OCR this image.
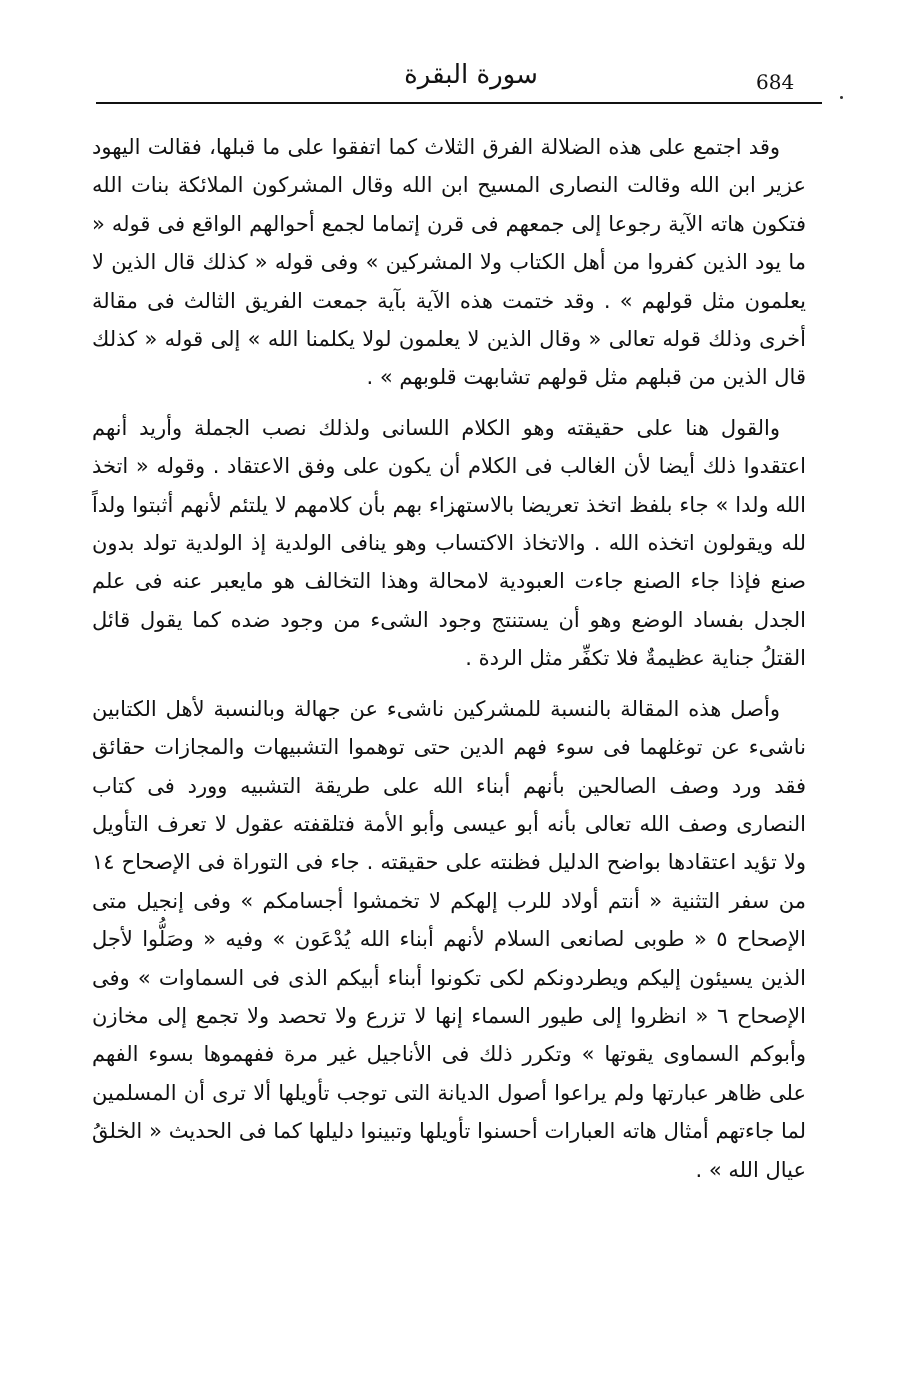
684
سورة البقرة

وقد اجتمع على هذه الضلالة الفرق الثلاث كما اتفقوا على ما قبلها، فقالت اليهود عزير ابن الله وقالت النصارى المسيح ابن الله وقال المشركون الملائكة بنات الله فتكون هاته الآية رجوعا إلى جمعهم فى قرن إتماما لجمع أحوالهم الواقع فى قوله « ما يود الذين كفروا من أهل الكتاب ولا المشركين » وفى قوله « كذلك قال الذين لا يعلمون مثل قولهم » . وقد ختمت هذه الآية بآية جمعت الفريق الثالث فى مقالة أخرى وذلك قوله تعالى « وقال الذين لا يعلمون لولا يكلمنا الله » إلى قوله « كذلك قال الذين من قبلهم مثل قولهم تشابهت قلوبهم » .

والقول هنا على حقيقته وهو الكلام اللسانى ولذلك نصب الجملة وأريد أنهم اعتقدوا ذلك أيضا لأن الغالب فى الكلام أن يكون على وفق الاعتقاد . وقوله « اتخذ الله ولدا » جاء بلفظ اتخذ تعريضا بالاستهزاء بهم بأن كلامهم لا يلتئم لأنهم أثبتوا ولداً لله ويقولون اتخذه الله . والاتخاذ الاكتساب وهو ينافى الولدية إذ الولدية تولد بدون صنع فإذا جاء الصنع جاءت العبودية لامحالة وهذا التخالف هو مايعبر عنه فى علم الجدل بفساد الوضع وهو أن يستنتج وجود الشىء من وجود ضده كما يقول قائل القتلُ جناية عظيمةٌ فلا تكفِّر مثل الردة .

وأصل هذه المقالة بالنسبة للمشركين ناشىء عن جهالة وبالنسبة لأهل الكتابين ناشىء عن توغلهما فى سوء فهم الدين حتى توهموا التشبيهات والمجازات حقائق فقد ورد وصف الصالحين بأنهم أبناء الله على طريقة التشبيه وورد فى كتاب النصارى وصف الله تعالى بأنه أبو عيسى وأبو الأمة فتلقفته عقول لا تعرف التأويل ولا تؤيد اعتقادها بواضح الدليل فظنته على حقيقته . جاء فى التوراة فى الإصحاح ١٤ من سفر التثنية « أنتم أولاد للرب إلهكم لا تخمشوا أجسامكم » وفى إنجيل متى الإصحاح ٥ « طوبى لصانعى السلام لأنهم أبناء الله يُدْعَون » وفيه « وصَلُّوا لأجل الذين يسيئون إليكم ويطردونكم لكى تكونوا أبناء أبيكم الذى فى السماوات » وفى الإصحاح ٦ « انظروا إلى طيور السماء إنها لا تزرع ولا تحصد ولا تجمع إلى مخازن وأبوكم السماوى يقوتها » وتكرر ذلك فى الأناجيل غير مرة ففهموها بسوء الفهم على ظاهر عبارتها ولم يراعوا أصول الديانة التى توجب تأويلها ألا ترى أن المسلمين لما جاءتهم أمثال هاته العبارات أحسنوا تأويلها وتبينوا دليلها كما فى الحديث « الخلقُ عيال الله » .
